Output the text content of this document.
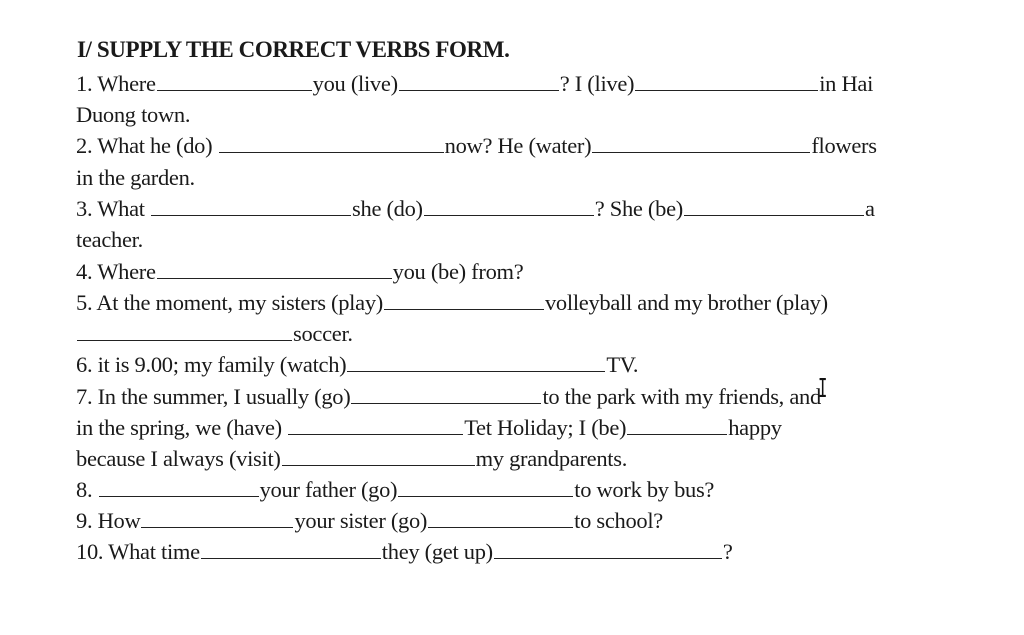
I/ SUPPLY THE CORRECT VERBS FORM.
1. Where	you (live)	? I (live)	in Hai
Duong town.
2. What he (do)	now? He (water)	flowers
in the garden.
3. What	she (do)	? She (be)	a
teacher.
4. Where	you (be) from?
5. At the moment, my sisters (play)	volleyball and my brother (play)
soccer.
6. it is 9.00; my family (watch)	TV.
7. In the summer, I usually (go)	to the park with my friends, and
in the spring, we (have)	Tet Holiday; I (be)	happy
because I always (visit)	my grandparents.
8.	your father (go)	to work by bus?
9. How	your sister (go)	to school?
10. What time	they (get up)	?
I
